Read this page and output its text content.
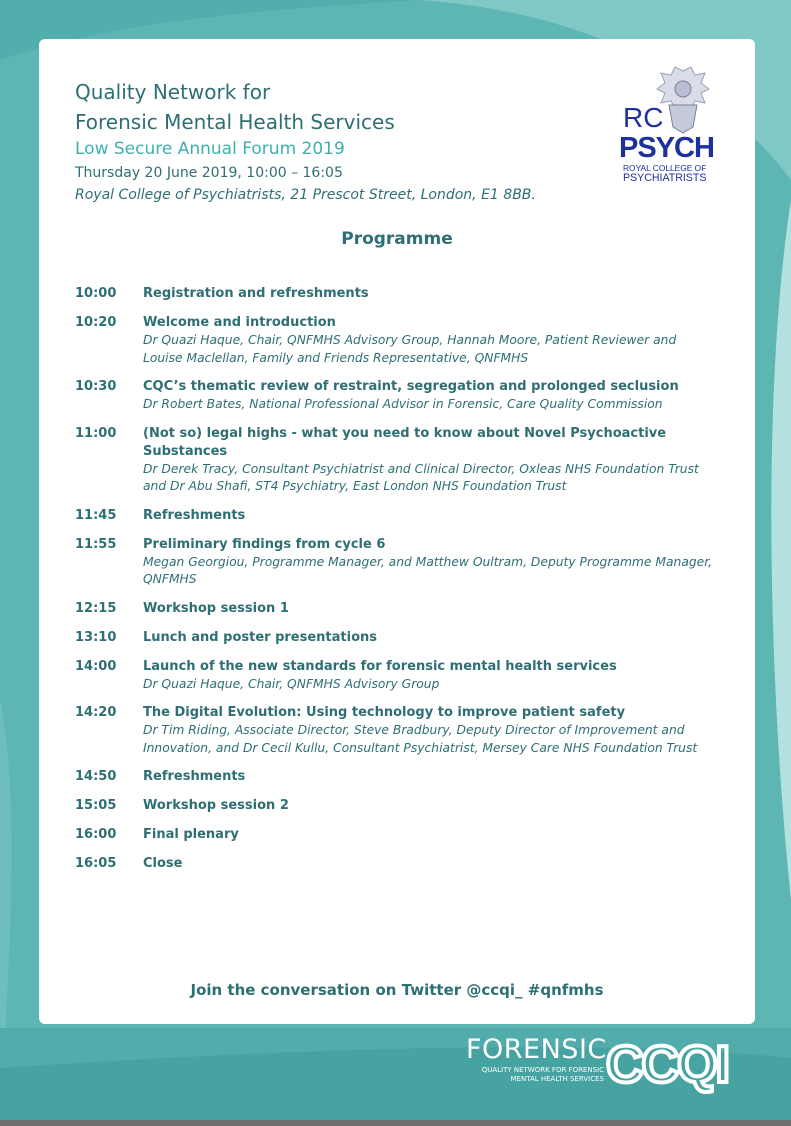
Quality Network for
Forensic Mental Health Services
Low Secure Annual Forum 2019
Thursday 20 June 2019, 10:00 – 16:05
Royal College of Psychiatrists, 21 Prescot Street, London, E1 8BB.
RC
PSYCH
ROYAL COLLEGE OF
PSYCHIATRISTS
Programme
10:00	Registration and refreshments
10:20	Welcome and introduction
Dr Quazi Haque, Chair, QNFMHS Advisory Group, Hannah Moore, Patient Reviewer and Louise Maclellan, Family and Friends Representative, QNFMHS
10:30	CQC’s thematic review of restraint, segregation and prolonged seclusion
Dr Robert Bates, National Professional Advisor in Forensic, Care Quality Commission
11:00	(Not so) legal highs - what you need to know about Novel Psychoactive Substances
Dr Derek Tracy, Consultant Psychiatrist and Clinical Director, Oxleas NHS Foundation Trust and Dr Abu Shafi, ST4 Psychiatry, East London NHS Foundation Trust
11:45	Refreshments
11:55	Preliminary findings from cycle 6
Megan Georgiou, Programme Manager, and Matthew Oultram, Deputy Programme Manager, QNFMHS
12:15	Workshop session 1
13:10	Lunch and poster presentations
14:00	Launch of the new standards for forensic mental health services
Dr Quazi Haque, Chair, QNFMHS Advisory Group
14:20	The Digital Evolution: Using technology to improve patient safety
Dr Tim Riding, Associate Director, Steve Bradbury, Deputy Director of Improvement and Innovation, and Dr Cecil Kullu, Consultant Psychiatrist, Mersey Care NHS Foundation Trust
14:50	Refreshments
15:05	Workshop session 2
16:00	Final plenary
16:05	Close
Join the conversation on Twitter @ccqi_ #qnfmhs
FORENSIC
QUALITY NETWORK FOR FORENSIC MENTAL HEALTH SERVICES CCQI
